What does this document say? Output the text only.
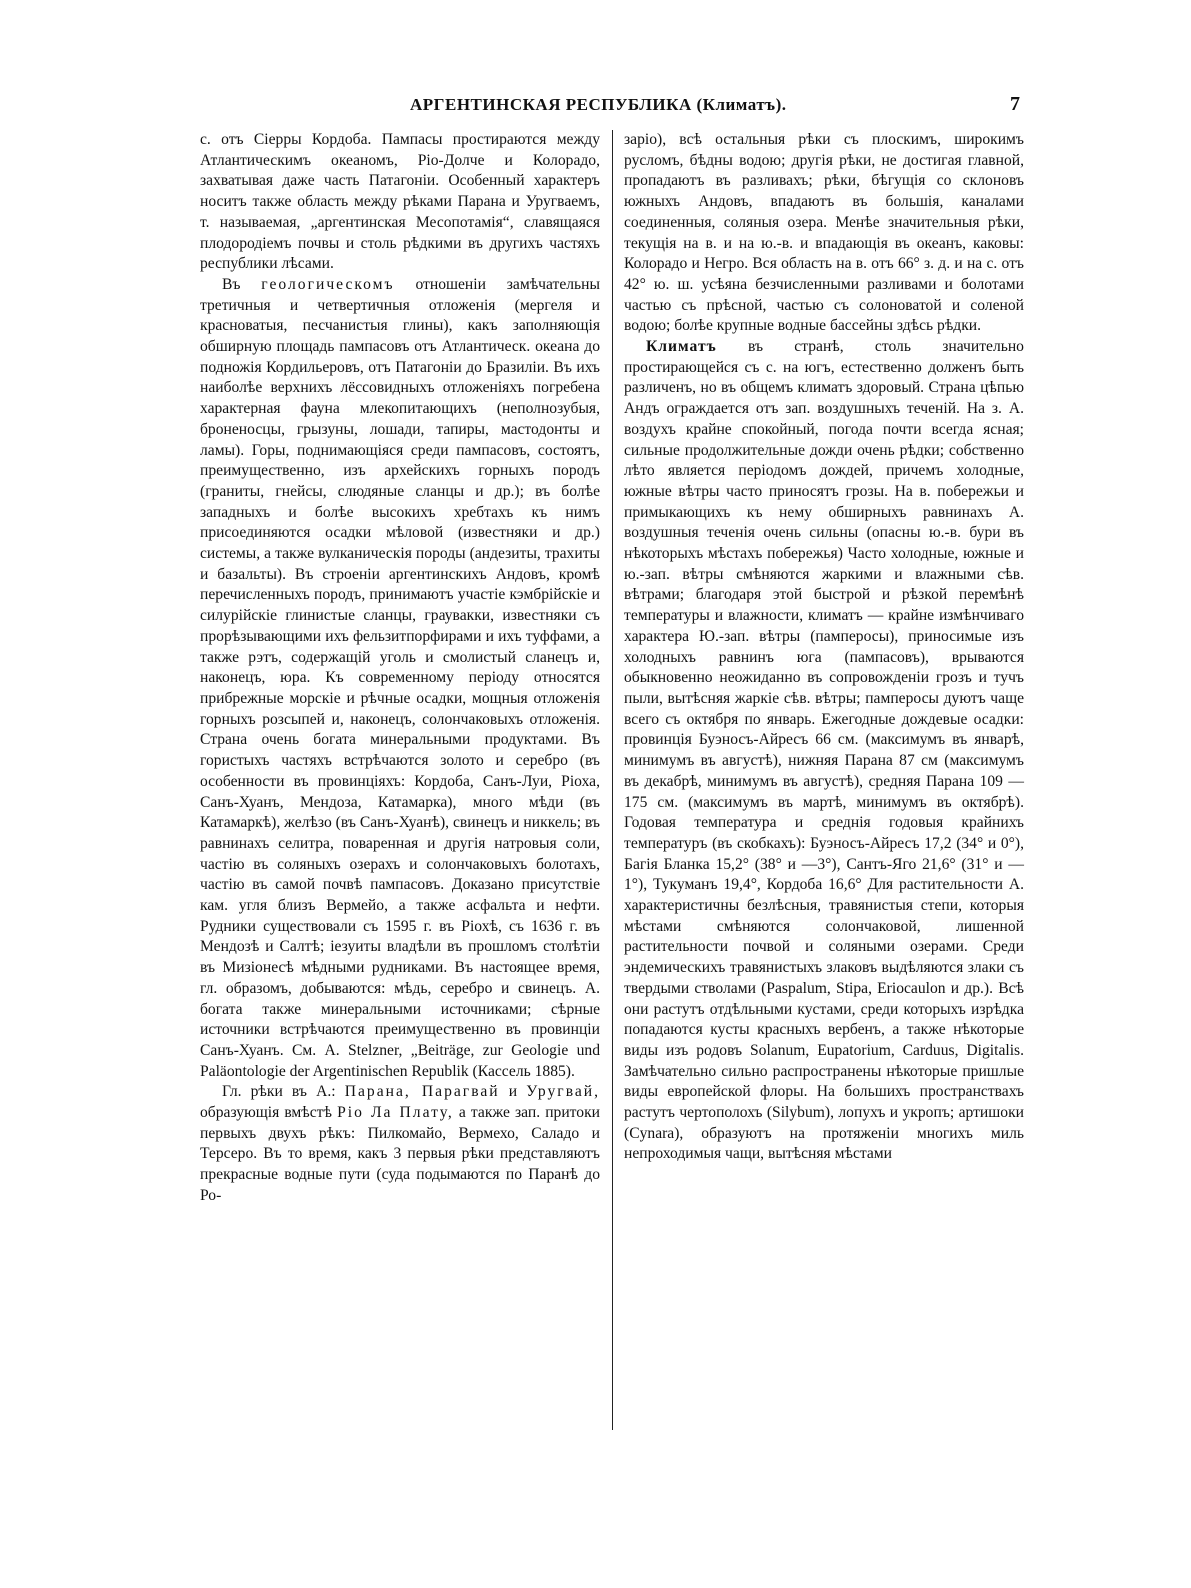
АРГЕНТИНСКАЯ РЕСПУБЛИКА (Климатъ).	7

с. отъ Сіерры Кордоба. Пампасы простираются между Атлантическимъ океаномъ, Ріо-Долче и Колорадо, захватывая даже часть Патагоніи. Особенный характеръ носитъ также область между рѣками Парана и Уругваемъ, т. называемая, „аргентинская Месопотамія“, славящаяся плодородіемъ почвы и столь рѣдкими въ другихъ частяхъ республики лѣсами.

Въ геологическомъ отношеніи замѣчательны третичныя и четвертичныя отложенія (мергеля и красноватыя, песчанистыя глины), какъ заполняющія обширную площадь пампасовъ отъ Атлантическ. океана до подножія Кордильеровъ, отъ Патагоніи до Бразиліи. Въ ихъ наиболѣе верхнихъ лёссовидныхъ отложеніяхъ погребена характерная фауна млекопитающихъ (неполнозубыя, броненосцы, грызуны, лошади, тапиры, мастодонты и ламы). Горы, поднимающіяся среди пампасовъ, состоятъ, преимущественно, изъ архейскихъ горныхъ породъ (граниты, гнейсы, слюдяные сланцы и др.); въ болѣе западныхъ и болѣе высокихъ хребтахъ къ нимъ присоединяются осадки мѣловой (известняки и др.) системы, а также вулканическія породы (андезиты, трахиты и базальты). Въ строеніи аргентинскихъ Андовъ, кромѣ перечисленныхъ породъ, принимаютъ участіе кэмбрійскіе и силурійскіе глинистые сланцы, граувакки, известняки съ прорѣзывающими ихъ фельзитпорфирами и ихъ туффами, а также рэтъ, содержащій уголь и смолистый сланецъ и, наконецъ, юра. Къ современному періоду относятся прибрежные морскіе и рѣчные осадки, мощныя отложенія горныхъ розсыпей и, наконецъ, солончаковыхъ отложенія. Страна очень богата минеральными продуктами. Въ гористыхъ частяхъ встрѣчаются золото и серебро (въ особенности въ провинціяхъ: Кордоба, Санъ-Луи, Ріоха, Санъ-Хуанъ, Мендоза, Катамарка), много мѣди (въ Катамаркѣ), желѣзо (въ Санъ-Хуанѣ), свинецъ и никкель; въ равнинахъ селитра, поваренная и другія натровыя соли, частію въ соляныхъ озерахъ и солончаковыхъ болотахъ, частію въ самой почвѣ пампасовъ. Доказано присутствіе кам. угля близъ Вермейо, а также асфальта и нефти. Рудники существовали съ 1595 г. въ Ріохѣ, съ 1636 г. въ Мендозѣ и Салтѣ; іезуиты владѣли въ прошломъ столѣтіи въ Мизіонесѣ мѣдными рудниками. Въ настоящее время, гл. образомъ, добываются: мѣдь, серебро и свинецъ. А. богата также минеральными источниками; сѣрные источники встрѣчаются преимущественно въ провинціи Санъ-Хуанъ. См. A. Stelzner, „Beiträge, zur Geologie und Paläontologie der Argentinischen Republik (Кассель 1885).

Гл. рѣки въ А.: Парана, Парагвай и Уругвай, образующія вмѣстѣ Ріо Ла Плату, а также зап. притоки первыхъ двухъ рѣкъ: Пилкомайо, Вермехо, Саладо и Терсеро. Въ то время, какъ 3 первыя рѣки представляютъ прекрасные водные пути (суда подымаются по Паранѣ до Ро-

заріо), всѣ остальныя рѣки съ плоскимъ, широкимъ русломъ, бѣдны водою; другія рѣки, не достигая главной, пропадаютъ въ разливахъ; рѣки, бѣгущія со склоновъ южныхъ Андовъ, впадаютъ въ большія, каналами соединенныя, соляныя озера. Менѣе значительныя рѣки, текущія на в. и на ю.-в. и впадающія въ океанъ, каковы: Колорадо и Негро. Вся область на в. отъ 66° з. д. и на с. отъ 42° ю. ш. усѣяна безчисленными разливами и болотами частью съ прѣсной, частью съ солоноватой и соленой водою; болѣе крупные водные бассейны здѣсь рѣдки.

Климатъ въ странѣ, столь значительно простирающейся съ с. на югъ, естественно долженъ быть различенъ, но въ общемъ климатъ здоровый. Страна цѣпью Андъ ограждается отъ зап. воздушныхъ теченій. На з. А. воздухъ крайне спокойный, погода почти всегда ясная; сильные продолжительные дожди очень рѣдки; собственно лѣто является періодомъ дождей, причемъ холодные, южные вѣтры часто приносятъ грозы. На в. побережьи и примыкающихъ къ нему обширныхъ равнинахъ А. воздушныя теченія очень сильны (опасны ю.-в. бури въ нѣкоторыхъ мѣстахъ побережья) Часто холодные, южные и ю.-зап. вѣтры смѣняются жаркими и влажными сѣв. вѣтрами; благодаря этой быстрой и рѣзкой перемѣнѣ температуры и влажности, климатъ — крайне измѣнчиваго характера Ю.-зап. вѣтры (памперосы), приносимые изъ холодныхъ равнинъ юга (пампасовъ), врываются обыкновенно неожиданно въ сопровожденіи грозъ и тучъ пыли, вытѣсняя жаркіе сѣв. вѣтры; памперосы дуютъ чаще всего съ октября по январь. Ежегодные дождевые осадки: провинція Буэносъ-Айресъ 66 см. (максимумъ въ январѣ, минимумъ въ августѣ), нижняя Парана 87 см (максимумъ въ декабрѣ, минимумъ въ августѣ), средняя Парана 109 — 175 см. (максимумъ въ мартѣ, минимумъ въ октябрѣ). Годовая температура и среднія годовыя крайнихъ температуръ (въ скобкахъ): Буэносъ-Айресъ 17,2 (34° и 0°), Багія Бланка 15,2° (38° и —3°), Сантъ-Яго 21,6° (31° и —1°), Тукуманъ 19,4°, Кордоба 16,6° Для растительности А. характеристичны безлѣсныя, травянистыя степи, которыя мѣстами смѣняются солончаковой, лишенной растительности почвой и соляными озерами. Среди эндемическихъ травянистыхъ злаковъ выдѣляются злаки съ твердыми стволами (Paspalum, Stipa, Eriocaulon и др.). Всѣ они растутъ отдѣльными кустами, среди которыхъ изрѣдка попадаются кусты красныхъ вербенъ, а также нѣкоторые виды изъ родовъ Solanum, Eupatorium, Carduus, Digitalis. Замѣчательно сильно распространены нѣкоторые пришлые виды европейской флоры. На большихъ пространствахъ растутъ чертополохъ (Silybum), лопухъ и укропъ; артишоки (Cynara), образуютъ на протяженіи многихъ миль непроходимыя чащи, вытѣсняя мѣстами
